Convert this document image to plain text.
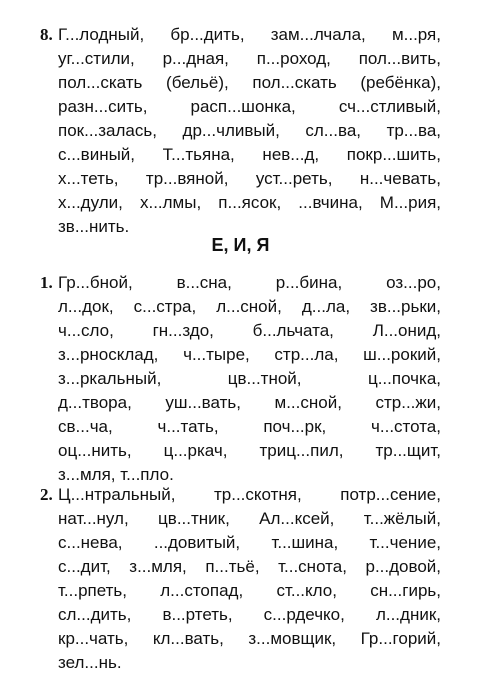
8. Г...лодный, бр...дить, зам...лчала, м...ря,
уг...стили, р...дная, п...роход, пол...вить,
пол...скать (бельё), пол...скать (ребёнка),
разн...сить, расп...шонка, сч...стливый,
пок...залась, др...чливый, сл...ва, тр...ва,
с...виный, Т...тьяна, нев...д, покр...шить,
х...теть, тр...вяной, уст...реть, н...чевать,
х...дули, х...лмы, п...ясок, ...вчина, М...рия,
зв...нить.
Е, И, Я
1. Гр...бной, в...сна, р...бина, оз...ро,
л...док, с...стра, л...сной, д...ла, зв...рьки,
ч...сло, гн...здо, б...льчата, Л...онид,
з...рносклад, ч...тыре, стр...ла, ш...рокий,
з...ркальный, цв...тной, ц...почка,
д...твора, уш...вать, м...сной, стр...жи,
св...ча, ч...тать, поч...рк, ч...стота,
оц...нить, ц...ркач, триц...пил, тр...щит,
з...мля, т...пло.
2. Ц...нтральный, тр...скотня, потр...сение,
нат...нул, цв...тник, Ал...ксей, т...жёлый,
с...нева, ...довитый, т...шина, т...чение,
с...дит, з...мля, п...тьё, т...снота, р...довой,
т...рпеть, л...стопад, ст...кло, сн...гирь,
сл...дить, в...ртеть, с...рдечко, л...дник,
кр...чать, кл...вать, з...мовщик, Гр...горий,
зел...нь.
